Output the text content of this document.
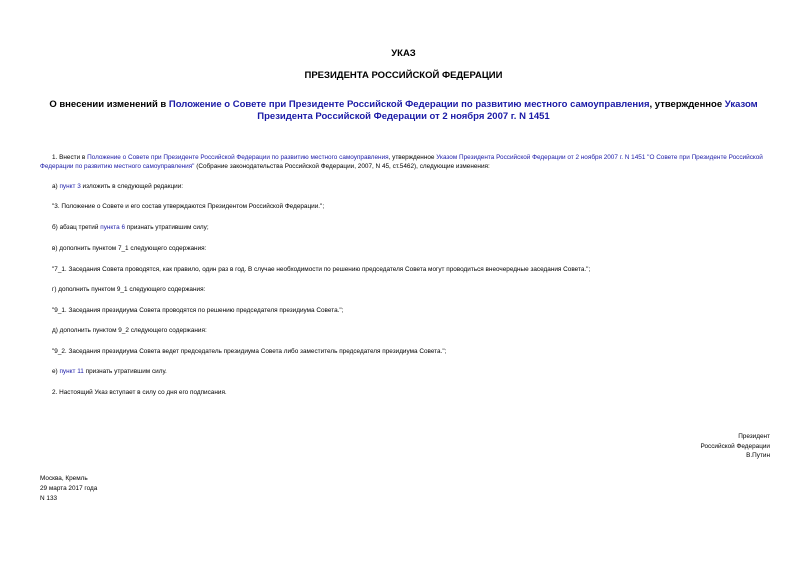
УКАЗ
ПРЕЗИДЕНТА РОССИЙСКОЙ ФЕДЕРАЦИИ
О внесении изменений в Положение о Совете при Президенте Российской Федерации по развитию местного самоуправления, утвержденное Указом Президента Российской Федерации от 2 ноября 2007 г. N 1451
1. Внести в Положение о Совете при Президенте Российской Федерации по развитию местного самоуправления, утвержденное Указом Президента Российской Федерации от 2 ноября 2007 г. N 1451 "О Совете при Президенте Российской Федерации по развитию местного самоуправления" (Собрание законодательства Российской Федерации, 2007, N 45, ст.5462), следующие изменения:
а) пункт 3 изложить в следующей редакции:
"3. Положение о Совете и его состав утверждаются Президентом Российской Федерации.";
б) абзац третий пункта 6 признать утратившим силу;
в) дополнить пунктом 7_1 следующего содержания:
"7_1. Заседания Совета проводятся, как правило, один раз в год. В случае необходимости по решению председателя Совета могут проводиться внеочередные заседания Совета.";
г) дополнить пунктом 9_1 следующего содержания:
"9_1. Заседания президиума Совета проводятся по решению председателя президиума Совета.";
д) дополнить пунктом 9_2 следующего содержания:
"9_2. Заседания президиума Совета ведет председатель президиума Совета либо заместитель председателя президиума Совета.";
е) пункт 11 признать утратившим силу.
2. Настоящий Указ вступает в силу со дня его подписания.
Президент
Российской Федерации
В.Путин
Москва, Кремль
29 марта 2017 года
N 133
